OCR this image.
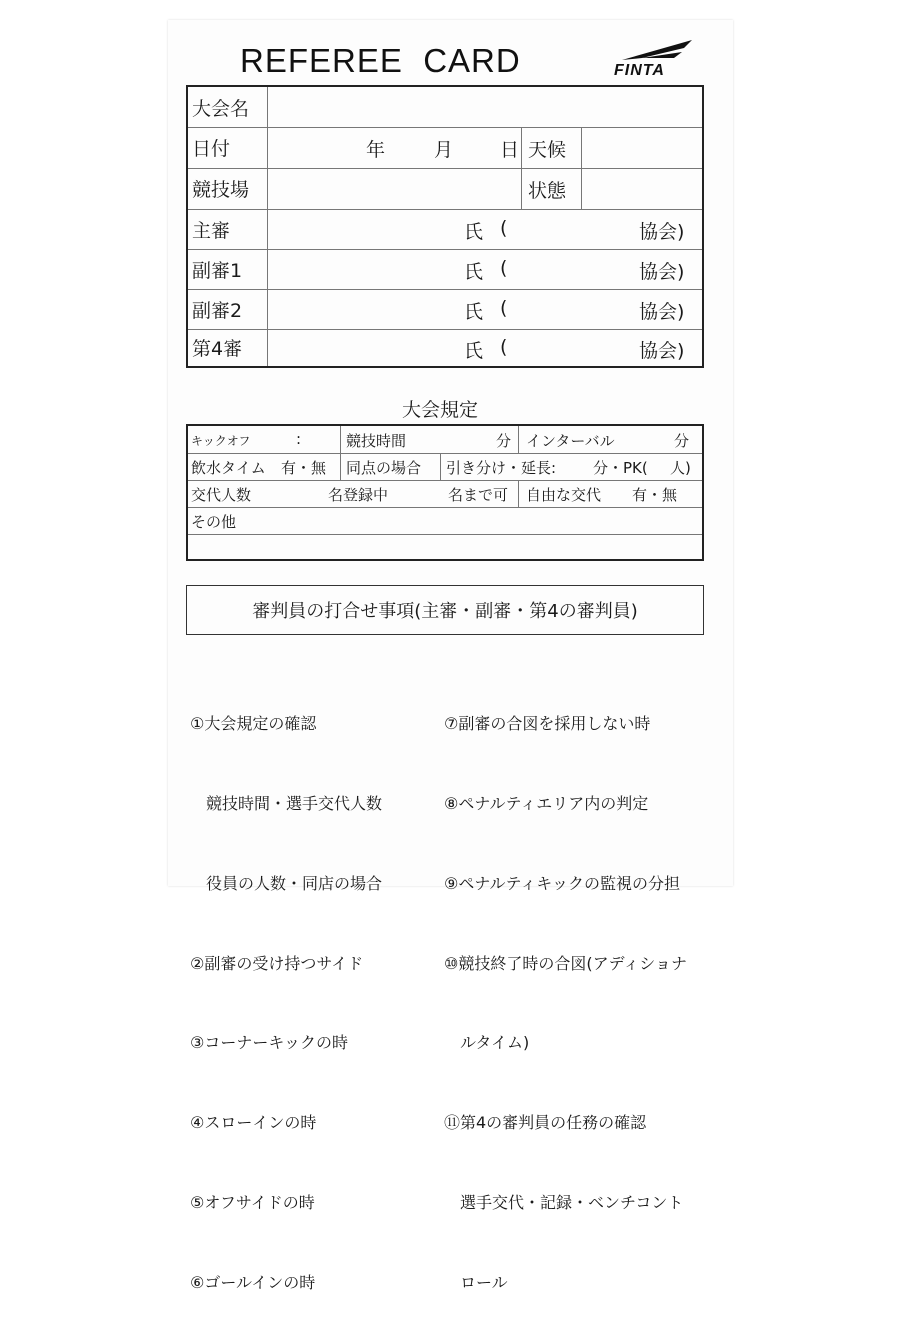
REFEREE  CARD	FINTA
大会名
日付	年	月 日 天候
競技場	状態
主審	氏 (	協会)
副審1	氏 (	協会)
副審2	氏 (	協会)
第4審	氏 (	協会)
大会規定
キックオフ	:	競技時間	分 インターバル	分
飲水タイム 有・無 同点の場合 引き分け・延長: 分・PK( 人)
交代人数	名登録中	名まで可 自由な交代 有・無
その他
審判員の打合せ事項(主審・副審・第4の審判員)

①大会規定の確認

　競技時間・選手交代人数

　役員の人数・同店の場合

②副審の受け持つサイド

③コーナーキックの時

④スローインの時

⑤オフサイドの時

⑥ゴールインの時

⑦副審の合図を採用しない時

⑧ペナルティエリア内の判定

⑨ペナルティキックの監視の分担

⑩競技終了時の合図(アディショナ

　ルタイム)

⑪第4の審判員の任務の確認

　選手交代・記録・ベンチコント

　ロール
